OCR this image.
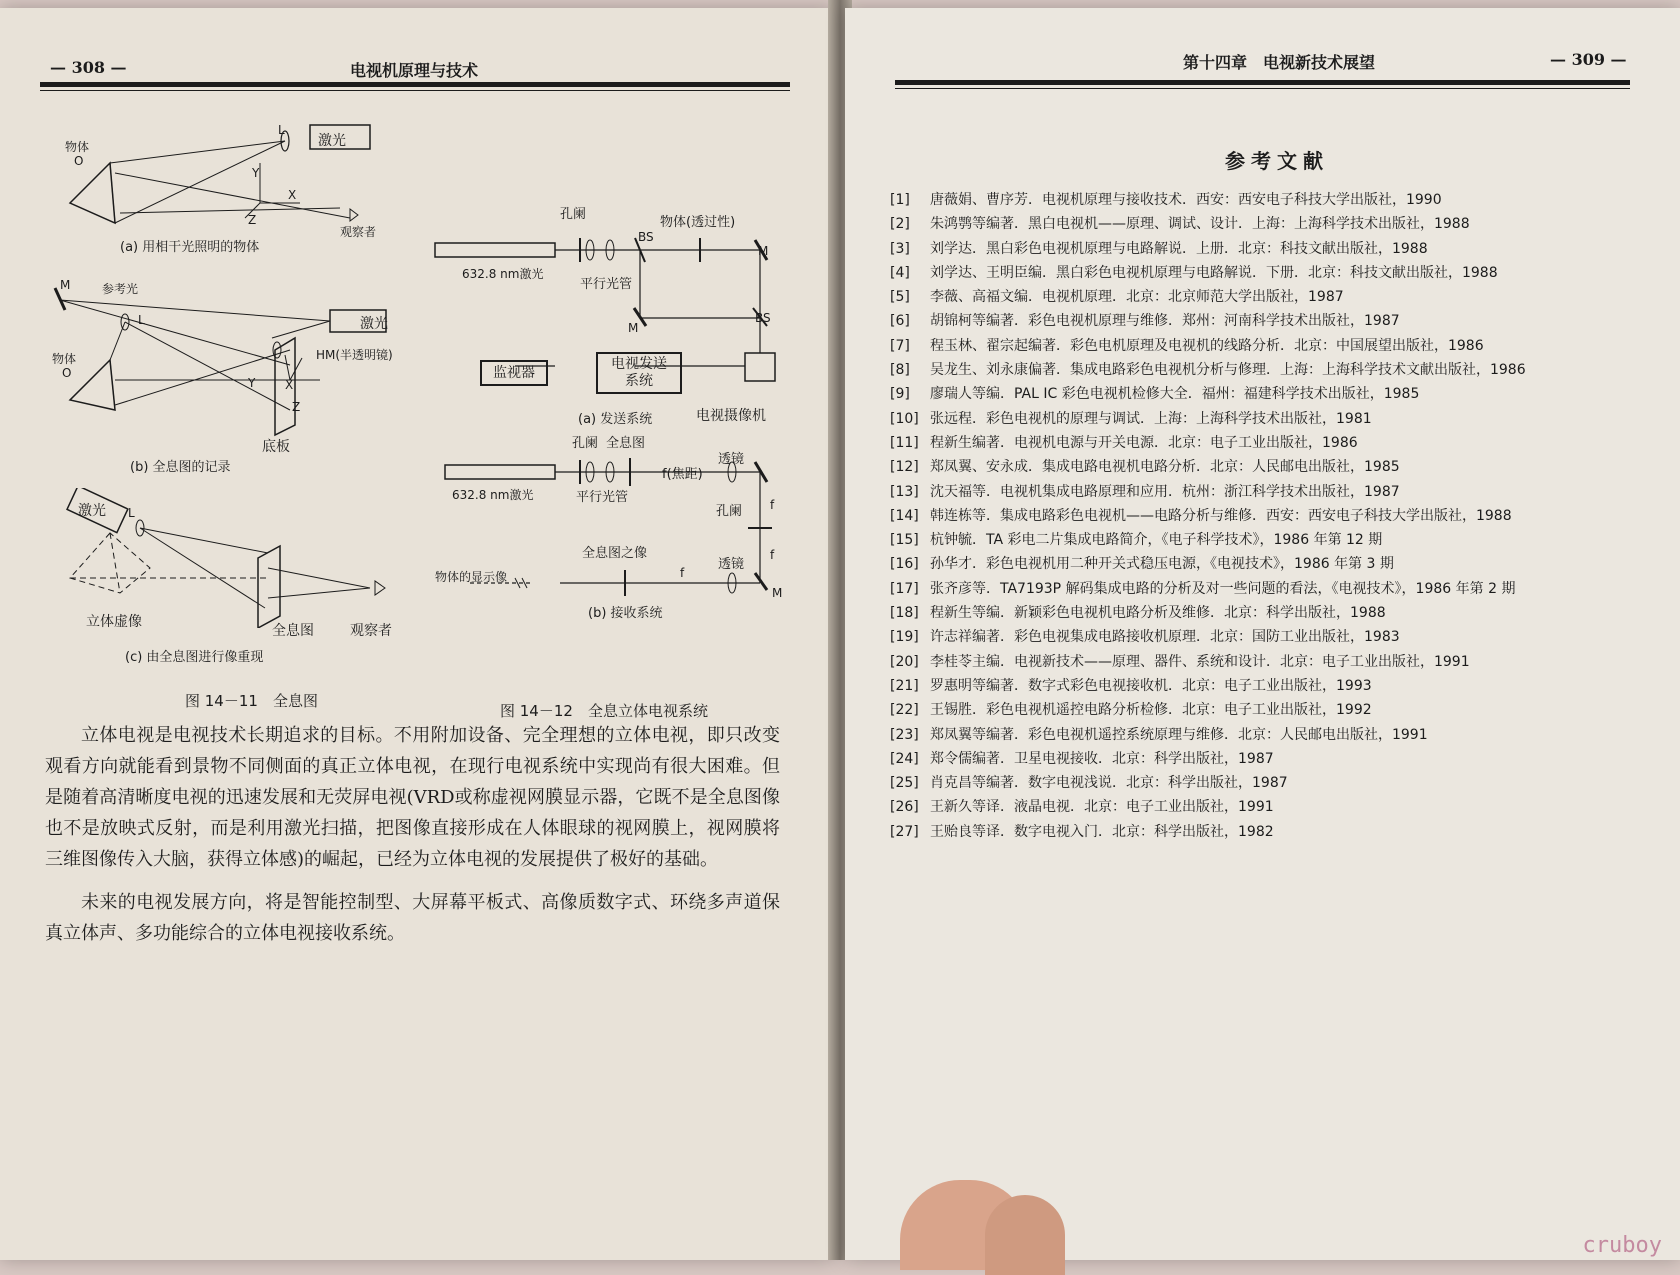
— 308 —	电视机原理与技术
物体
O
L
激光
Y
X
Z
观察者
(a) 用相干光照明的物体
M	参考光
L	激光
物体
O
HM(半透明镜)
Y X
Z
底板
(b) 全息图的记录
激光 L
立体虚像
全息图	观察者
(c) 由全息图进行像重现
图 14－11　全息图
孔阑
物体(透过性)
BS
M
632.8 nm激光
平行光管
M
BS
监视器
电视发送
系统
电视摄像机
(a) 发送系统
孔阑 全息图
透镜
f(焦距)
632.8 nm激光	平行光管
孔阑 f
f
全息图之像
物体的显示像
透镜
f
M
(b) 接收系统
图 14－12　全息立体电视系统

立体电视是电视技术长期追求的目标。不用附加设备、完全理想的立体电视，即只改变观看方向就能看到景物不同侧面的真正立体电视，在现行电视系统中实现尚有很大困难。但是随着高清晰度电视的迅速发展和无荧屏电视(VRD或称虚视网膜显示器，它既不是全息图像也不是放映式反射，而是利用激光扫描，把图像直接形成在人体眼球的视网膜上，视网膜将三维图像传入大脑，获得立体感)的崛起，已经为立体电视的发展提供了极好的基础。

未来的电视发展方向，将是智能控制型、大屏幕平板式、高像质数字式、环绕多声道保真立体声、多功能综合的立体电视接收系统。

第十四章　电视新技术展望	— 309 —
参考文献
[1] 唐薇娟、曹序芳．电视机原理与接收技术．西安：西安电子科技大学出版社，1990
[2] 朱鸿鹗等编著．黑白电视机——原理、调试、设计．上海：上海科学技术出版社，1988
[3] 刘学达．黑白彩色电视机原理与电路解说．上册．北京：科技文献出版社，1988
[4] 刘学达、王明臣编．黑白彩色电视机原理与电路解说．下册．北京：科技文献出版社，1988
[5] 李薇、高福文编．电视机原理．北京：北京师范大学出版社，1987
[6] 胡锦柯等编著．彩色电视机原理与维修．郑州：河南科学技术出版社，1987
[7] 程玉林、翟宗起编著．彩色电机原理及电视机的线路分析．北京：中国展望出版社，1986
[8] 吴龙生、刘永康偏著．集成电路彩色电视机分析与修理．上海：上海科学技术文献出版社，1986
[9] 廖瑞人等编．PAL IC 彩色电视机检修大全．福州：福建科学技术出版社，1985
[10] 张远程．彩色电视机的原理与调试．上海：上海科学技术出版社，1981
[11] 程新生编著．电视机电源与开关电源．北京：电子工业出版社，1986
[12] 郑凤翼、安永成．集成电路电视机电路分析．北京：人民邮电出版社，1985
[13] 沈天福等．电视机集成电路原理和应用．杭州：浙江科学技术出版社，1987
[14] 韩连栋等．集成电路彩色电视机——电路分析与维修．西安：西安电子科技大学出版社，1988
[15] 杭钟毓．TA 彩电二片集成电路简介，《电子科学技术》，1986 年第 12 期
[16] 孙华才．彩色电视机用二种开关式稳压电源，《电视技术》，1986 年第 3 期
[17] 张齐彦等．TA7193P 解码集成电路的分析及对一些问题的看法，《电视技术》，1986 年第 2 期
[18] 程新生等编．新颖彩色电视机电路分析及维修．北京：科学出版社，1988
[19] 许志祥编著．彩色电视集成电路接收机原理．北京：国防工业出版社，1983
[20] 李桂苓主编．电视新技术——原理、器件、系统和设计．北京：电子工业出版社，1991
[21] 罗惠明等编著．数字式彩色电视接收机．北京：电子工业出版社，1993
[22] 王锡胜．彩色电视机遥控电路分析检修．北京：电子工业出版社，1992
[23] 郑凤翼等编著．彩色电视机遥控系统原理与维修．北京：人民邮电出版社，1991
[24] 郑令儒编著．卫星电视接收．北京：科学出版社，1987
[25] 肖克昌等编著．数字电视浅说．北京：科学出版社，1987
[26] 王新久等译．液晶电视．北京：电子工业出版社，1991
[27] 王贻良等译．数字电视入门．北京：科学出版社，1982
cruboy
